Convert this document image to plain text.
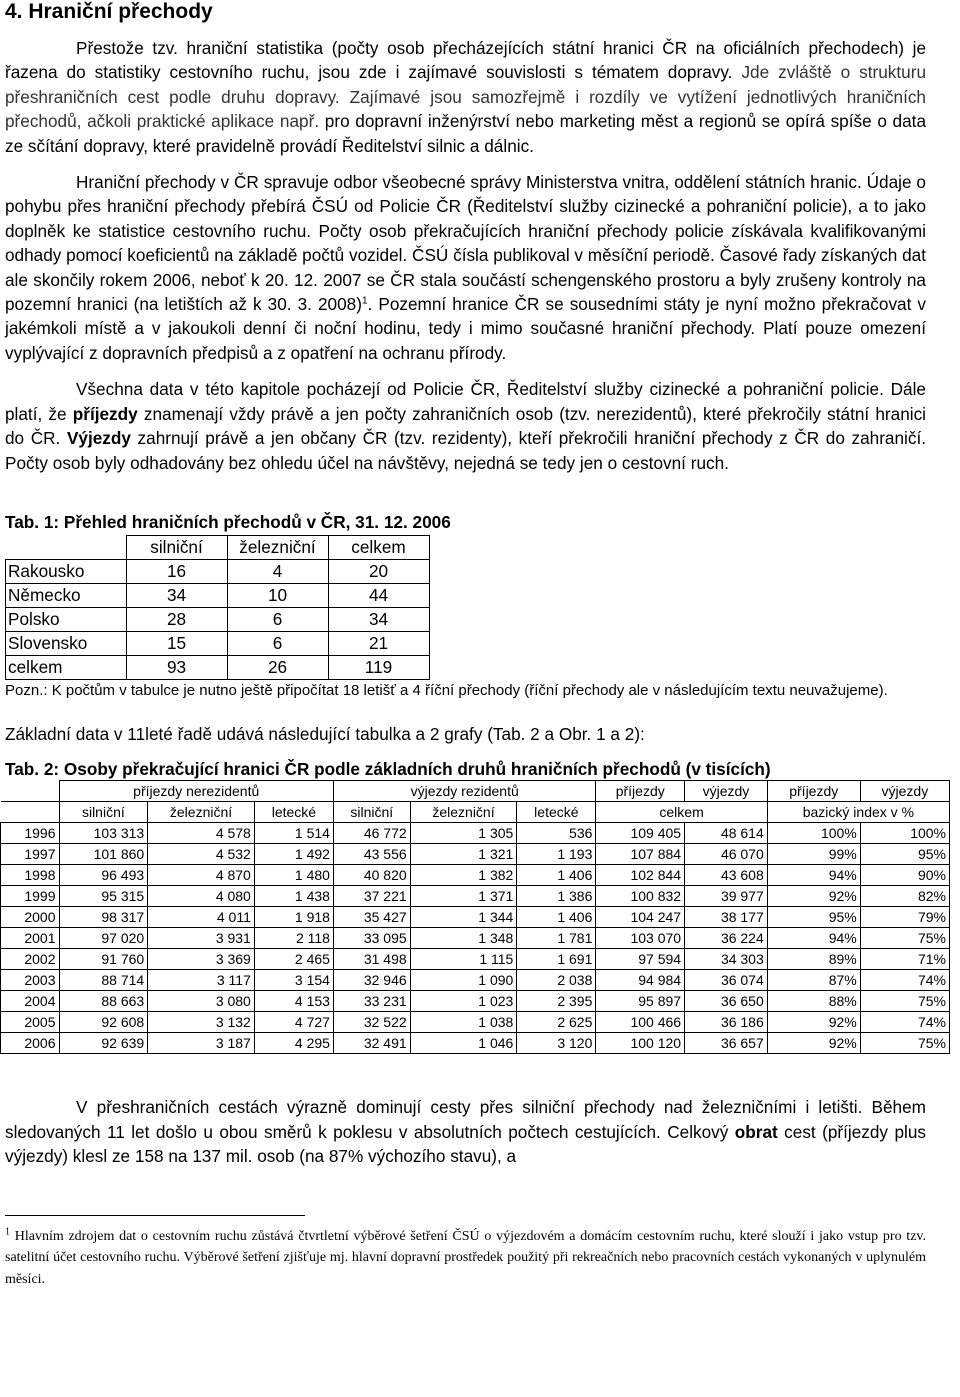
4. Hraniční přechody

Přestože tzv. hraniční statistika (počty osob přecházejících státní hranici ČR na oficiálních přechodech) je řazena do statistiky cestovního ruchu, jsou zde i zajímavé souvislosti s tématem dopravy. Jde zvláště o strukturu přeshraničních cest podle druhu dopravy. Zajímavé jsou samozřejmě i rozdíly ve vytížení jednotlivých hraničních přechodů, ačkoli praktické aplikace např. pro dopravní inženýrství nebo marketing měst a regionů se opírá spíše o data ze sčítání dopravy, které pravidelně provádí Ředitelství silnic a dálnic.

Hraniční přechody v ČR spravuje odbor všeobecné správy Ministerstva vnitra, oddělení státních hranic. Údaje o pohybu přes hraniční přechody přebírá ČSÚ od Policie ČR (Ředitelství služby cizinecké a pohraniční policie), a to jako doplněk ke statistice cestovního ruchu. Počty osob překračujících hraniční přechody policie získávala kvalifikovanými odhady pomocí koeficientů na základě počtů vozidel. ČSÚ čísla publikoval v měsíční periodě. Časové řady získaných dat ale skončily rokem 2006, neboť k 20. 12. 2007 se ČR stala součástí schengenského prostoru a byly zrušeny kontroly na pozemní hranici (na letištích až k 30. 3. 2008)$^1$. Pozemní hranice ČR se sousedními státy je nyní možno překračovat v jakémkoli místě a v jakoukoli denní či noční hodinu, tedy i mimo současné hraniční přechody. Platí pouze omezení vyplývající z dopravních předpisů a z opatření na ochranu přírody.

Všechna data v této kapitole pocházejí od Policie ČR, Ředitelství služby cizinecké a pohraniční policie. Dále platí, že příjezdy znamenají vždy právě a jen počty zahraničních osob (tzv. nerezidentů), které překročily státní hranici do ČR. Výjezdy zahrnují právě a jen občany ČR (tzv. rezidenty), kteří překročili hraniční přechody z ČR do zahraničí. Počty osob byly odhadovány bez ohledu účel na návštěvy, nejedná se tedy jen o cestovní ruch.

Tab. 1: Přehled hraničních přechodů v ČR, 31. 12. 2006
	silniční	železniční	celkem
Rakousko	16	4	20
Německo	34	10	44
Polsko	28	6	34
Slovensko	15	6	21
celkem	93	26	119
Pozn.: K počtům v tabulce je nutno ještě připočítat 18 letišť a 4 říční přechody (říční přechody ale v následujícím textu neuvažujeme).

Základní data v 11leté řadě udává následující tabulka a 2 grafy (Tab. 2 a Obr. 1 a 2):

Tab. 2: Osoby překračující hranici ČR podle základních druhů hraničních přechodů (v tisících)
	příjezdy nerezidentů			výjezdy rezidentů			příjezdy	výjezdy	příjezdy	výjezdy
	silniční	železniční	letecké	silniční	železniční	letecké	celkem		bazický index v %	
1996	103 313	4 578	1 514	46 772	1 305	536	109 405	48 614	100%	100%
1997	101 860	4 532	1 492	43 556	1 321	1 193	107 884	46 070	99%	95%
1998	96 493	4 870	1 480	40 820	1 382	1 406	102 844	43 608	94%	90%
1999	95 315	4 080	1 438	37 221	1 371	1 386	100 832	39 977	92%	82%
2000	98 317	4 011	1 918	35 427	1 344	1 406	104 247	38 177	95%	79%
2001	97 020	3 931	2 118	33 095	1 348	1 781	103 070	36 224	94%	75%
2002	91 760	3 369	2 465	31 498	1 115	1 691	97 594	34 303	89%	71%
2003	88 714	3 117	3 154	32 946	1 090	2 038	94 984	36 074	87%	74%
2004	88 663	3 080	4 153	33 231	1 023	2 395	95 897	36 650	88%	75%
2005	92 608	3 132	4 727	32 522	1 038	2 625	100 466	36 186	92%	74%
2006	92 639	3 187	4 295	32 491	1 046	3 120	100 120	36 657	92%	75%

V přeshraničních cestách výrazně dominují cesty přes silniční přechody nad železničními i letišti. Během sledovaných 11 let došlo u obou směrů k poklesu v absolutních počtech cestujících. Celkový obrat cest (příjezdy plus výjezdy) klesl ze 158 na 137 mil. osob (na 87% výchozího stavu), a

$^1$ Hlavním zdrojem dat o cestovním ruchu zůstává čtvrtletní výběrové šetření ČSÚ o výjezdovém a domácím cestovním ruchu, které slouží i jako vstup pro tzv. satelitní účet cestovního ruchu. Výběrové šetření zjišťuje mj. hlavní dopravní prostředek použitý při rekreačních nebo pracovních cestách vykonaných v uplynulém měsíci.
